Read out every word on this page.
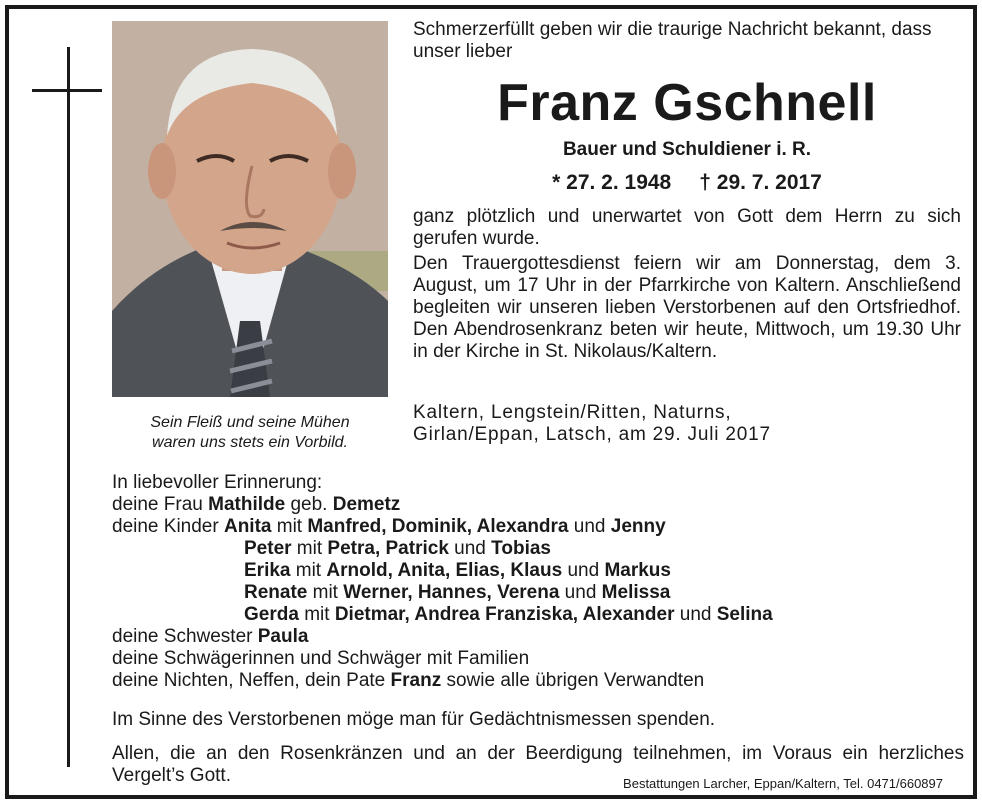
Sein Fleiß und seine Mühen
waren uns stets ein Vorbild.
Schmerzerfüllt geben wir die traurige Nachricht bekannt, dass unser lieber
Franz Gschnell
Bauer und Schuldiener i. R.
* 27. 2. 1948 † 29. 7. 2017
ganz plötzlich und unerwartet von Gott dem Herrn zu sich gerufen wurde.
Den Trauergottesdienst feiern wir am Donnerstag, dem 3. August, um 17 Uhr in der Pfarrkirche von Kaltern. Anschließend begleiten wir unseren lieben Verstorbenen auf den Ortsfriedhof. Den Abendrosenkranz beten wir heute, Mittwoch, um 19.30 Uhr in der Kirche in St. Nikolaus/Kaltern.
Kaltern, Lengstein/Ritten, Naturns,
Girlan/Eppan, Latsch, am 29. Juli 2017
In liebevoller Erinnerung:
deine Frau Mathilde geb. Demetz
deine Kinder Anita mit Manfred, Dominik, Alexandra und Jenny
Peter mit Petra, Patrick und Tobias
Erika mit Arnold, Anita, Elias, Klaus und Markus
Renate mit Werner, Hannes, Verena und Melissa
Gerda mit Dietmar, Andrea Franziska, Alexander und Selina
deine Schwester Paula
deine Schwägerinnen und Schwäger mit Familien
deine Nichten, Neffen, dein Pate Franz sowie alle übrigen Verwandten
Im Sinne des Verstorbenen möge man für Gedächtnismessen spenden.
Allen, die an den Rosenkränzen und an der Beerdigung teilnehmen, im Voraus ein herzliches Vergelt’s Gott.	Bestattungen Larcher, Eppan/Kaltern, Tel. 0471/660897
